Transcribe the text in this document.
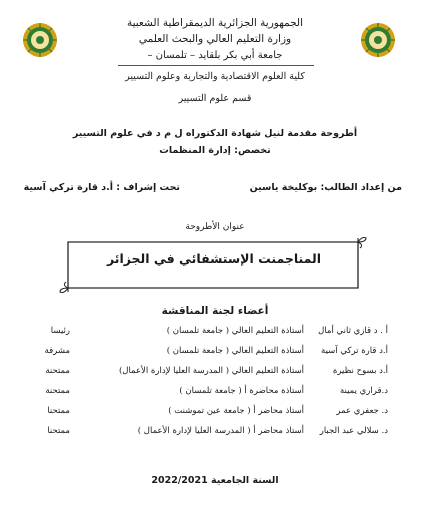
الجمهورية الجزائرية الديمقراطية الشعبية
وزارة التعليم العالي والبحث العلمي
جامعة أبي بكر بلقايد – تلمسان –
كلية العلوم الاقتصادية والتجارية وعلوم التسيير
قسم علوم التسيير
أطروحة مقدمة لنيل شهادة الدكتوراه ل م د في علوم التسيير
تخصص: إدارة المنظمات
من إعداد الطالب: بوكليخة ياسين
تحت إشراف : أ.د قارة تركي آسية
عنوان الأطروحة
المناجمنت الإستشفائي في الجزائر
أعضاء لجنة المناقشة
أ . د قازي ثاني أمال
أستاذة التعليم العالي ( جامعة تلمسان )
رئيسا
أ.د قارة تركي آسية
أستاذة التعليم العالي ( جامعة تلمسان )
مشرفة
أ.د بسوح نظيرة
أستاذة التعليم العالي ( المدرسة العليا لإدارة الأعمال)
ممتحنة
د.قراري يمينة
أستاذة محاضرة أ ( جامعة تلمسان )
ممتحنة
د. جعفري عمر
أستاذ محاضر أ ( جامعة عين تموشنت )
ممتحنا
د. سلالي عبد الجبار
أستاذ محاضر أ ( المدرسة العليا لإدارة الأعمال )
ممتحنا
السنة الجامعية 2022/2021
